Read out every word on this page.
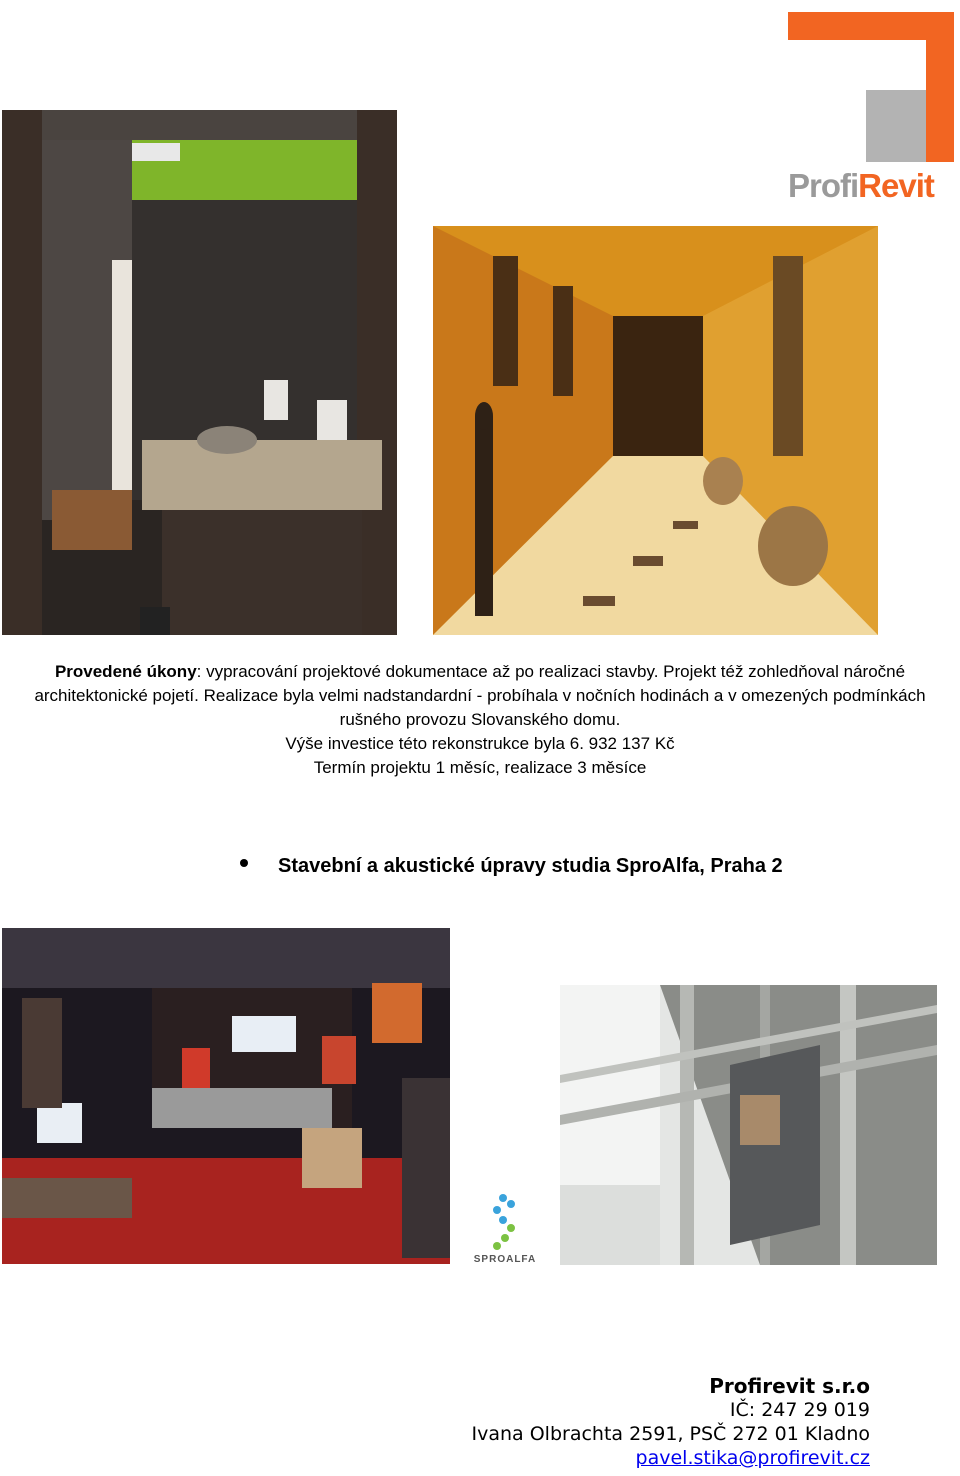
ProfiRevit
Provedené úkony: vypracování projektové dokumentace až po realizaci stavby. Projekt též zohledňoval náročné architektonické pojetí. Realizace byla velmi nadstandardní - probíhala v nočních hodinách a v omezených podmínkách rušného provozu Slovanského domu.
Výše investice této rekonstrukce byla 6. 932 137 Kč
Termín projektu 1 měsíc, realizace 3 měsíce
Stavební a akustické úpravy studia SproAlfa, Praha 2
SPROALFA
Profirevit s.r.o
IČ: 247 29 019
Ivana Olbrachta 2591, PSČ 272 01 Kladno
pavel.stika@profirevit.cz
